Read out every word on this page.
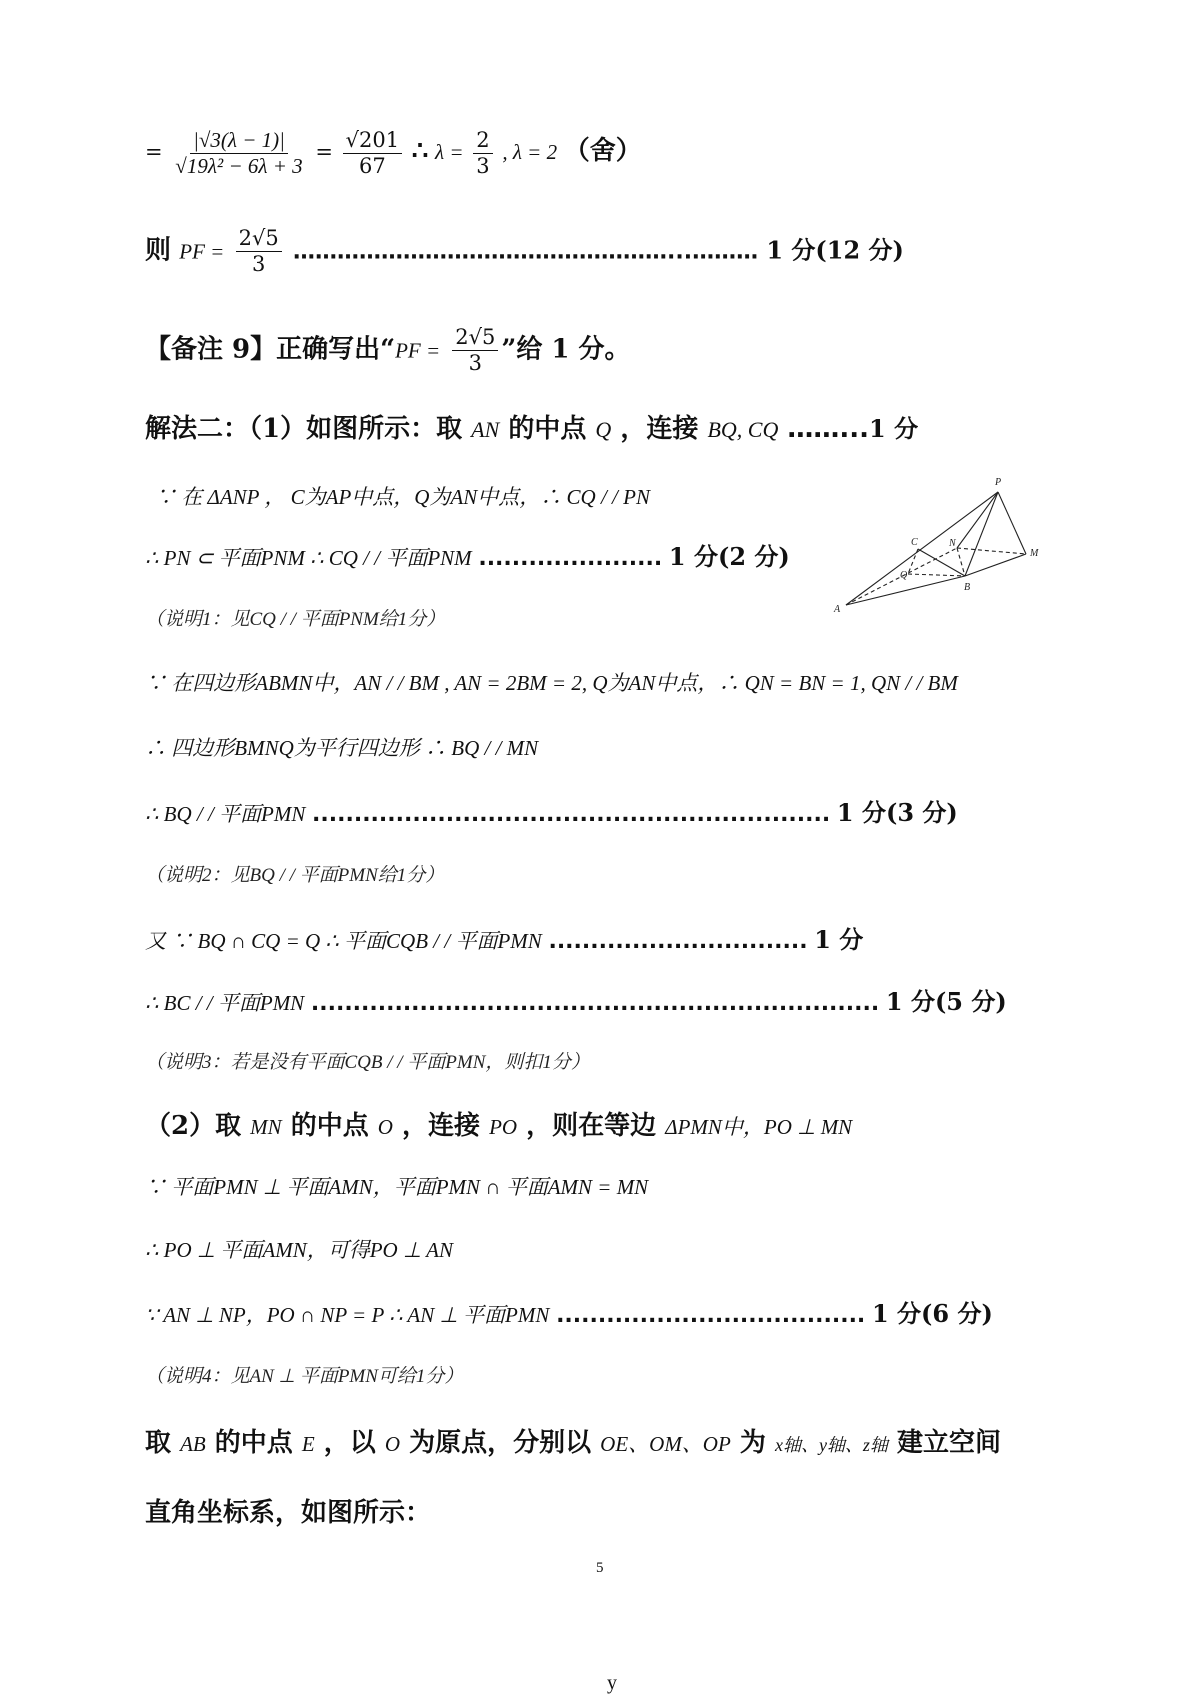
= $\frac{|√3(\lambda - 1)|}{\text{√19λ² − 6λ + 3}} = \frac{√201}{67}$ ∴ $\lambda = \frac{2}{3}$ , λ = 2 （舍）
则 PF = $\frac{2√5}{3}$ ……………………………………………...……… 1 分(12 分)
【备注 9】正确写出“PF = $\frac{2√5}{3}$ ”给 1 分。
解法二：（1）如图所示：取 AN 的中点 Q ，连接 BQ, CQ ……...1 分
∵ 在 ΔANP ， C为AP中点，Q为AN中点，∴ CQ / / PN
∴ PN ⊂ 平面PNM ∴ CQ / / 平面PNM ...................... 1 分(2 分)
（说明1：见CQ / / 平面PNM给1分）
∵ 在四边形ABMN中，AN / / BM , AN = 2BM = 2, Q为AN中点，∴ QN = BN = 1, QN / / BM
∴ 四边形BMNQ为平行四边形 ∴ BQ / / MN
∴ BQ / / 平面PMN .............................................................. 1 分(3 分)
（说明2：见BQ / / 平面PMN给1分）
又 ∵ BQ ∩ CQ = Q ∴ 平面CQB / / 平面PMN ............................... 1 分
∴ BC / / 平面PMN .................................................................... 1 分(5 分)
（说明3：若是没有平面CQB / / 平面PMN，则扣1分）
（2）取 MN 的中点 O ，连接 PO ，则在等边 ΔPMN中，PO ⊥ MN
∵ 平面PMN ⊥ 平面AMN，平面PMN ∩ 平面AMN = MN
∴ PO ⊥ 平面AMN，可得PO ⊥ AN
∵ AN ⊥ NP，PO ∩ NP = P ∴ AN ⊥ 平面PMN ..................................... 1 分(6 分)
（说明4：见AN ⊥ 平面PMN可给1分）
取 AB 的中点 E ，以 O 为原点，分别以 OE、OM、OP 为 x轴、y轴、z轴 建立空间
直角坐标系，如图所示：
P
C	N
Q
M
A
B
5
y
